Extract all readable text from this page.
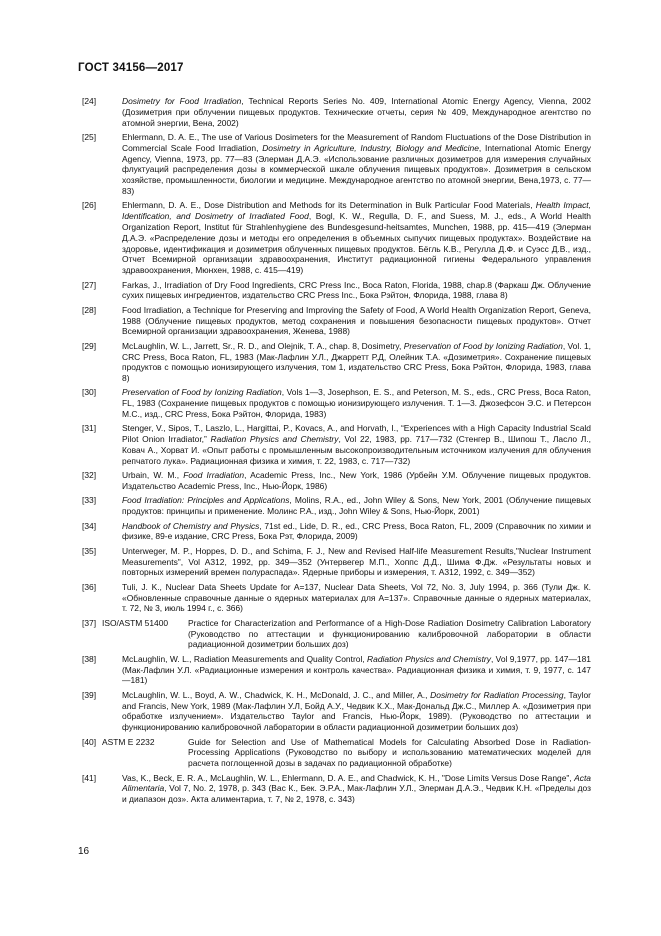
ГОСТ 34156—2017
[24]	Dosimetry for Food Irradiation, Technical Reports Series No. 409, International Atomic Energy Agency, Vienna, 2002 (Дозиметрия при облучении пищевых продуктов. Технические отчеты, серия № 409, Международное агентство по атомной энергии, Вена, 2002)
[25]	Ehlermann, D. A. E., The use of Various Dosimeters for the Measurement of Random Fluctuations of the Dose Distribution in Commercial Scale Food Irradiation, Dosimetry in Agriculture, Industry, Biology and Medicine, International Atomic Energy Agency, Vienna, 1973, pp. 77—83 (Элерман Д.А.Э. «Использование различных дозиметров для измерения случайных флуктуаций распределения дозы в коммерческой шкале облучения пищевых продуктов». Дозиметрия в сельском хозяйстве, промышленности, биологии и медицине. Международное агентство по атомной энергии, Вена,1973, с. 77—83)
[26]	Ehlermann, D. A. E., Dose Distribution and Methods for its Determination in Bulk Particular Food Materials, Health Impact, Identification, and Dosimetry of Irradiated Food, Bogl, K. W., Regulla, D. F., and Suess, M. J., eds., A World Health Organization Report, Institut für Strahlenhygiene des Bundesgesund-heitsamtes, Munchen, 1988, pp. 415—419 (Элерман Д.А.Э. «Распределение дозы и методы его определения в объемных сыпучих пищевых продуктах». Воздействие на здоровье, идентификация и дозиметрия облученных пищевых продуктов. Бёгль К.В., Регулла Д.Ф. и Суэсс Д.В., изд., Отчет Всемирной организации здравоохранения, Институт радиационной гигиены Федерального управления здравоохранения, Мюнхен, 1988, с. 415—419)
[27]	Farkas, J., Irradiation of Dry Food Ingredients, CRC Press Inc., Boca Raton, Florida, 1988, chap.8 (Фаркаш Дж. Облучение сухих пищевых ингредиентов, издательство CRC Press Inc., Бока Рэйтон, Флорида, 1988, глава 8)
[28]	Food Irradiation, a Technique for Preserving and Improving the Safety of Food, A World Health Organization Report, Geneva, 1988 (Облучение пищевых продуктов, метод сохранения и повышения безопасности пищевых продуктов». Отчет Всемирной организации здравоохранения, Женева, 1988)
[29]	McLaughlin, W. L., Jarrett, Sr., R. D., and Olejnik, T. A., chap. 8, Dosimetry, Preservation of Food by Ionizing Radiation, Vol. 1, CRC Press, Boca Raton, FL, 1983 (Мак-Лафлин У.Л., Джарретт Р.Д, Олейник Т.А. «Дозиметрия». Сохранение пищевых продуктов с помощью ионизирующего излучения, том 1, издательство CRC Press, Бока Рэйтон, Флорида, 1983, глава 8)
[30]	Preservation of Food by Ionizing Radiation, Vols 1—3, Josephson, E. S., and Peterson, M. S., eds., CRC Press, Boca Raton, FL, 1983 (Сохранение пищевых продуктов с помощью ионизирующего излучения. Т. 1—3. Джозефсон Э.С. и Петерсон М.С., изд., CRC Press, Бока Рэйтон, Флорида, 1983)
[31]	Stenger, V., Sipos, T., Laszlo, L., Hargittai, P., Kovacs, A., and Horvath, I., “Experiences with a High Capacity Industrial Scald Pilot Onion Irradiator,” Radiation Physics and Chemistry, Vol 22, 1983, pp. 717—732 (Стенгер В., Шипош Т., Ласло Л., Ковач А., Хорват И. «Опыт работы с промышленным высокопроизводительным источником излучения для облучения репчатого лука». Радиационная физика и химия, т. 22, 1983, с. 717—732)
[32]	Urbain, W. M., Food Irradiation, Academic Press, Inc., New York, 1986 (Урбейн У.М. Облучение пищевых продуктов. Издательство Academic Press, Inc., Нью-Йорк, 1986)
[33]	Food Irradiation: Principles and Applications, Molins, R.A., ed., John Wiley & Sons, New York, 2001 (Облучение пищевых продуктов: принципы и применение. Молинс Р.А., изд., John Wiley & Sons, Нью-Йорк, 2001)
[34]	Handbook of Chemistry and Physics, 71st ed., Lide, D. R., ed., CRC Press, Boca Raton, FL, 2009 (Справочник по химии и физике, 89-е издание, CRC Press, Бока Рэт, Флорида, 2009)
[35]	Unterweger, M. P., Hoppes, D. D., and Schima, F. J., New and Revised Half-life Measurement Results,"Nuclear Instrument Measurements", Vol A312, 1992, pp. 349—352 (Унтервегер М.П., Хоппс Д.Д., Шима Ф.Дж. «Результаты новых и повторных измерений времен полураспада». Ядерные приборы и измерения, т. А312, 1992, с. 349—352)
[36]	Tuli, J. K., Nuclear Data Sheets Update for A=137, Nuclear Data Sheets, Vol 72, No. 3, July 1994, p. 366 (Тули Дж. К. «Обновленные справочные данные о ядерных материалах для A=137». Справочные данные о ядерных материалах, т. 72, № 3, июль 1994 г., с. 366)
[37] ISO/ASTM 51400	Practice for Characterization and Performance of a High-Dose Radiation Dosimetry Calibration Laboratory (Руководство по аттестации и функционированию калибровочной лаборатории в области радиационной дозиметрии больших доз)
[38]	McLaughlin, W. L., Radiation Measurements and Quality Control, Radiation Physics and Chemistry, Vol 9,1977, pp. 147—181 (Мак-Лафлин У.Л. «Радиационные измерения и контроль качества». Радиационная физика и химия, т. 9, 1977, с. 147—181)
[39]	McLaughlin, W. L., Boyd, A. W., Chadwick, K. H., McDonald, J. C., and Miller, A., Dosimetry for Radiation Processing, Taylor and Francis, New York, 1989 (Мак-Лафлин У.Л, Бойд А.У., Чедвик К.Х., Мак-Дональд Дж.С., Миллер А. «Дозиметрия при обработке излучением». Издательство Taylor and Francis, Нью-Йорк, 1989). (Руководство по аттестации и функционированию калибровочной лаборатории в области радиационной дозиметрии больших доз)
[40] ASTM E 2232	Guide for Selection and Use of Mathematical Models for Calculating Absorbed Dose in Radiation-Processing Applications (Руководство по выбору и использованию математических моделей для расчета поглощенной дозы в задачах по радиационной обработке)
[41]	Vas, K., Beck, E. R. A., McLaughlin, W. L., Ehlermann, D. A. E., and Chadwick, K. H., "Dose Limits Versus Dose Range", Acta Alimentaria, Vol 7, No. 2, 1978, p. 343 (Вас К., Бек. Э.Р.А., Мак-Лафлин У.Л., Элерман Д.А.Э., Чедвик К.Н. «Пределы доз и диапазон доз». Акта алиментариа, т. 7, № 2, 1978, с. 343)
16
